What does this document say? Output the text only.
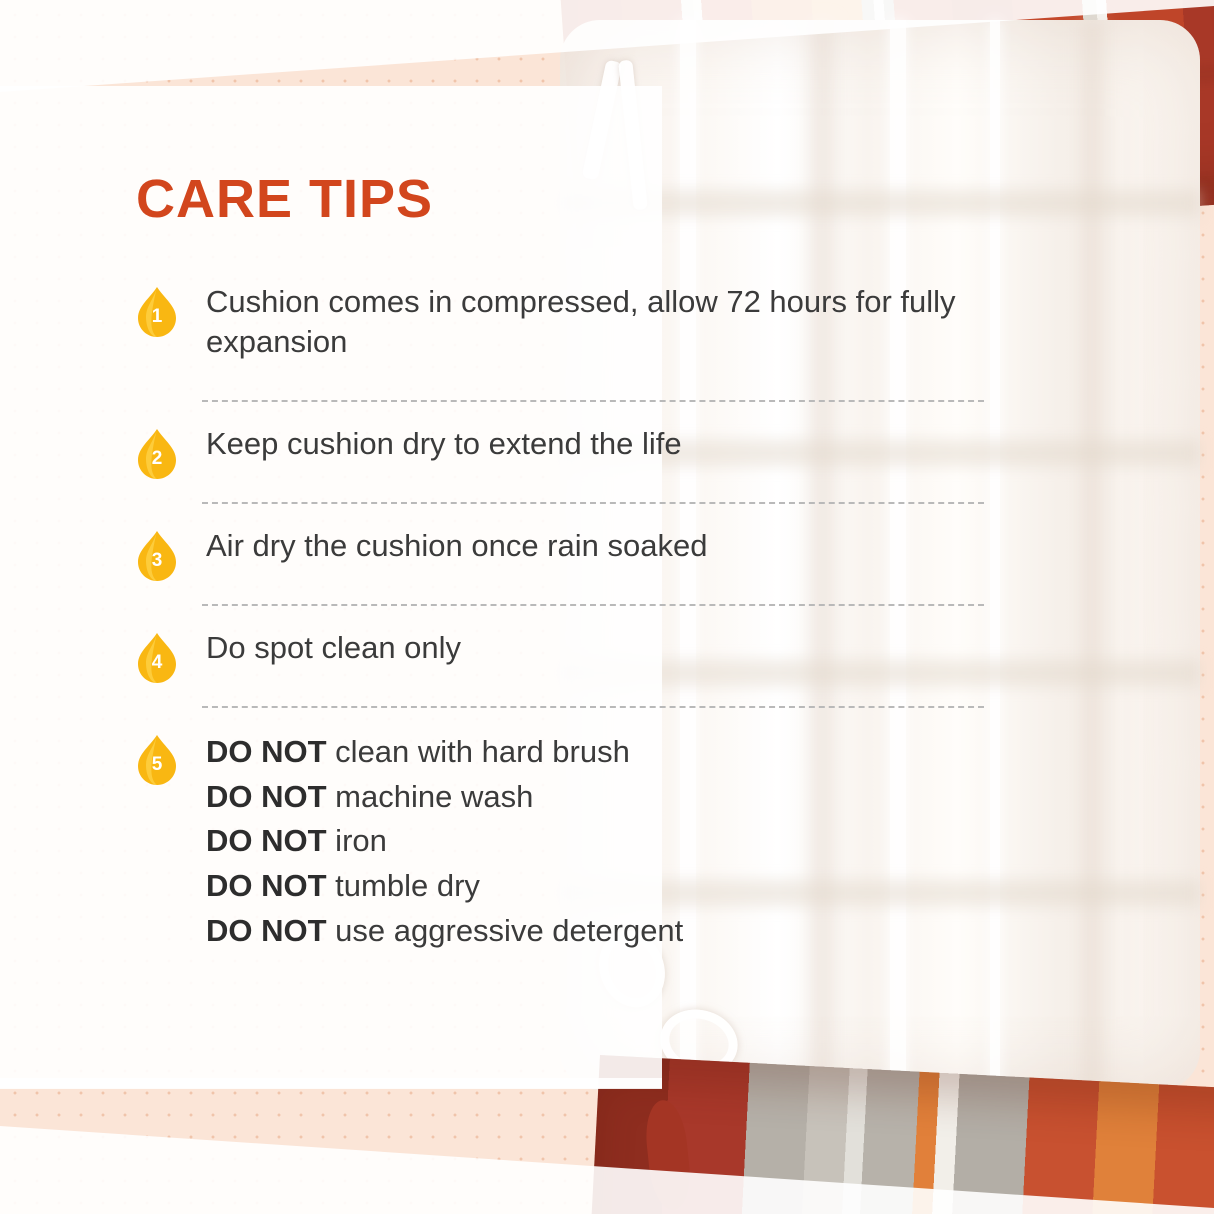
CARE TIPS
1	Cushion comes in compressed, allow 72 hours for fully expansion
2	Keep cushion dry to extend the life
3	Air dry the cushion once rain soaked
4	Do spot clean only
5	DO NOT clean with hard brush
DO NOT machine wash
DO NOT iron
DO NOT tumble dry
DO NOT use aggressive detergent
